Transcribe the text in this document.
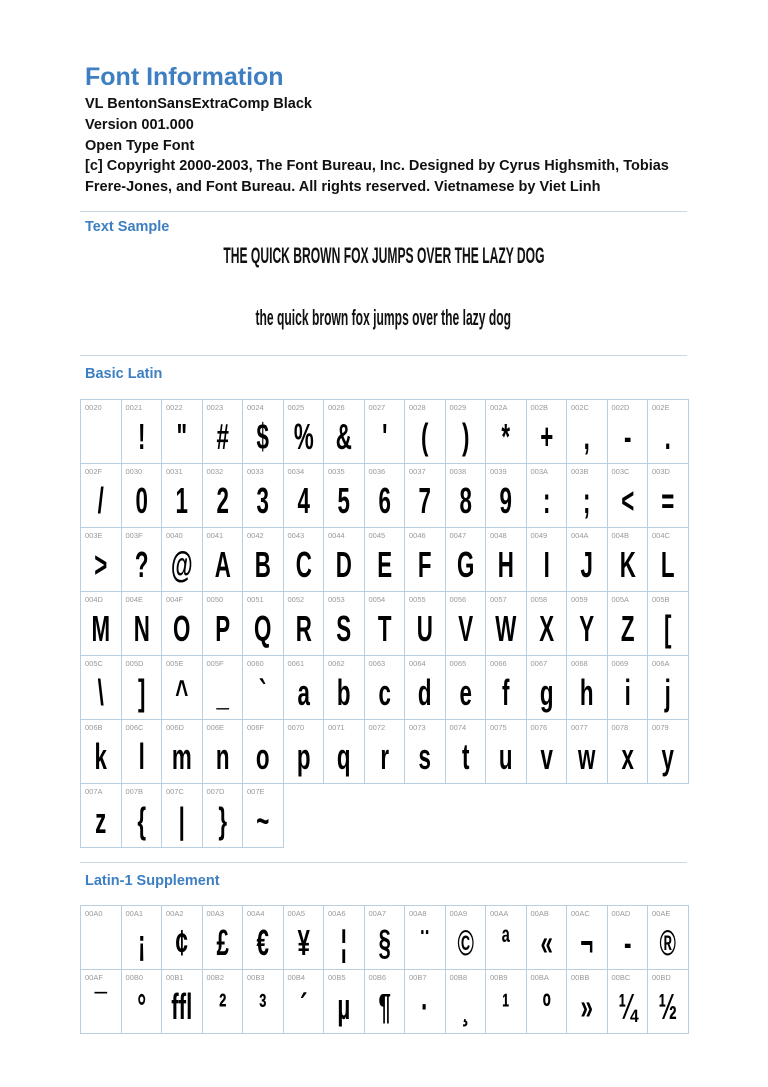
Font Information
VL BentonSansExtraComp Black
Version 001.000
Open Type Font
[c] Copyright 2000-2003, The Font Bureau, Inc. Designed by Cyrus Highsmith, Tobias
Frere-Jones, and Font Bureau. All rights reserved. Vietnamese by Viet Linh
Text Sample
THE QUICK BROWN FOX JUMPS OVER THE LAZY DOG
the quick brown fox jumps over the lazy dog
Basic Latin
0020	0021
!
0022
"
0023
#
0024
$
0025
%
0026
&
0027
'
0028
(
0029
)
002A
*
002B
+
002C
,
002D
-
002E
.
002F
/
0030
0
0031
1
0032
2
0033
3
0034
4
0035
5
0036
6
0037
7
0038
8
0039
9
003A
:
003B
;
003C
<
003D
=
003E
>
003F
?
0040
@
0041
A
0042
B
0043
C
0044
D
0045
E
0046
F
0047
G
0048
H
0049
I
004A
J
004B
K
004C
L
004D
M
004E
N
004F
O
0050
P
0051
Q
0052
R
0053
S
0054
T
0055
U
0056
V
0057
W
0058
X
0059
Y
005A
Z
005B
[
005C
\
005D
]
005E
^
005F
_
0060
`
0061
a
0062
b
0063
c
0064
d
0065
e
0066
f
0067
g
0068
h
0069
i
006A
j
006B
k
006C
l
006D
m
006E
n
006F
o
0070
p
0071
q
0072
r
0073
s
0074
t
0075
u
0076
v
0077
w
0078
x
0079
y
007A
z
007B
{
007C
|
007D
}
007E
~
Latin-1 Supplement
00A0	00A1
¡
00A2
¢
00A3
£
00A4
€
00A5
¥
00A6
¦
00A7
§
00A8
¨
00A9
©
00AA
ª
00AB
«
00AC
¬
00AD
-
00AE
®
00AF
¯
00B0
°
00B1
ffl
00B2
²
00B3
³
00B4
´
00B5
µ
00B6
¶
00B7
·
00B8
¸
00B9
¹
00BA
º
00BB
»
00BC
¼
00BD
½
